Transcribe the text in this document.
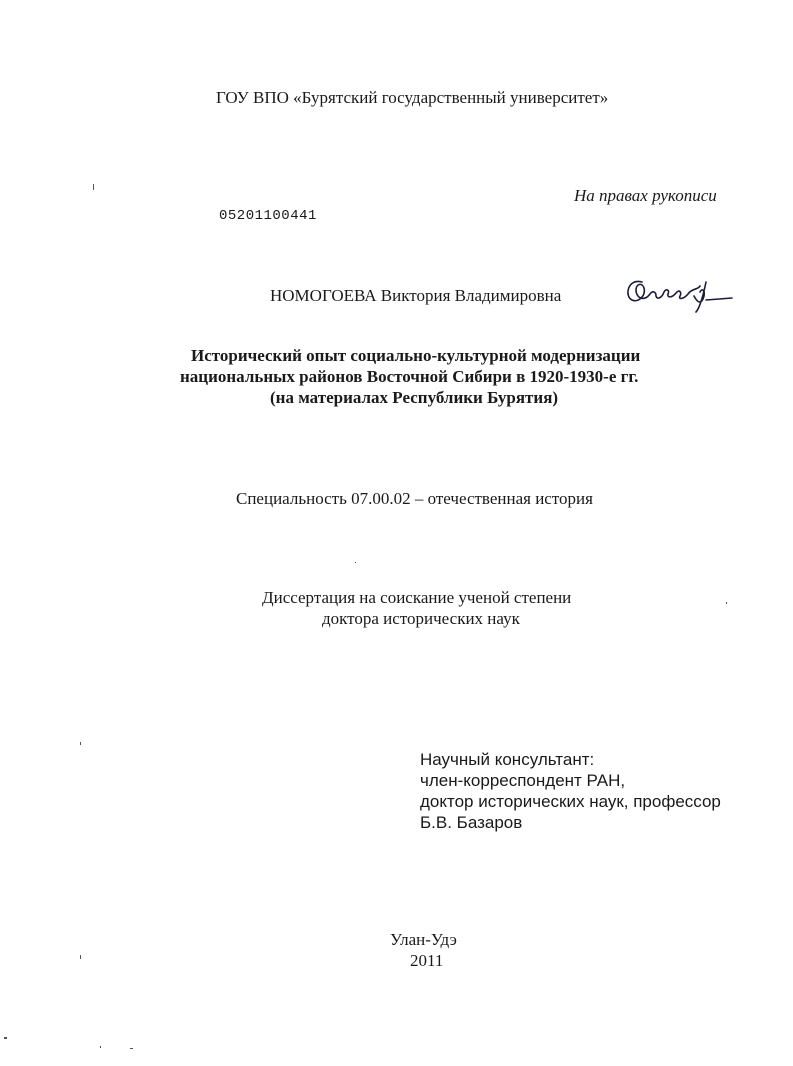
ГОУ ВПО «Бурятский государственный университет»
На правах рукописи
05201100441
НОМОГОЕВА Виктория Владимировна
Исторический опыт социально-культурной модернизации
национальных районов Восточной Сибири в 1920-1930-е гг.
(на материалах Республики Бурятия)
Специальность 07.00.02 – отечественная история
Диссертация на соискание ученой степени
доктора исторических наук
Научный консультант:
член-корреспондент РАН,
доктор исторических наук, профессор
Б.В. Базаров
Улан-Удэ
2011
